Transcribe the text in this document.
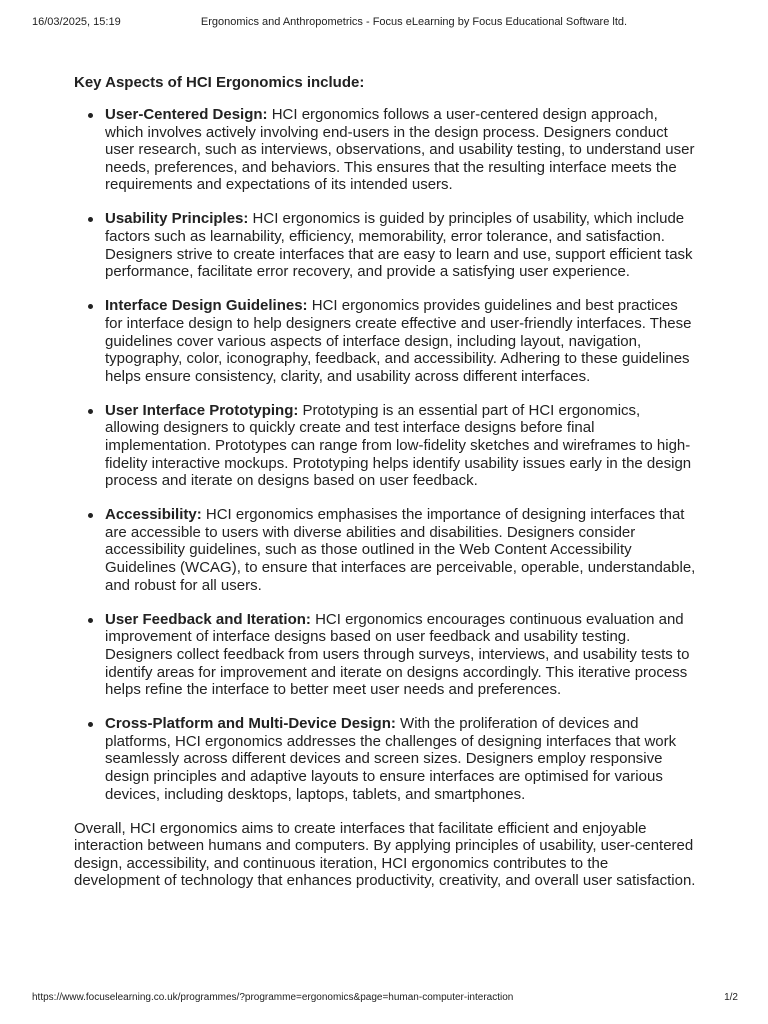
16/03/2025, 15:19	Ergonomics and Anthropometrics - Focus eLearning by Focus Educational Software ltd.
Key Aspects of HCI Ergonomics include:
User-Centered Design: HCI ergonomics follows a user-centered design approach, which involves actively involving end-users in the design process. Designers conduct user research, such as interviews, observations, and usability testing, to understand user needs, preferences, and behaviors. This ensures that the resulting interface meets the requirements and expectations of its intended users.
Usability Principles: HCI ergonomics is guided by principles of usability, which include factors such as learnability, efficiency, memorability, error tolerance, and satisfaction. Designers strive to create interfaces that are easy to learn and use, support efficient task performance, facilitate error recovery, and provide a satisfying user experience.
Interface Design Guidelines: HCI ergonomics provides guidelines and best practices for interface design to help designers create effective and user-friendly interfaces. These guidelines cover various aspects of interface design, including layout, navigation, typography, color, iconography, feedback, and accessibility. Adhering to these guidelines helps ensure consistency, clarity, and usability across different interfaces.
User Interface Prototyping: Prototyping is an essential part of HCI ergonomics, allowing designers to quickly create and test interface designs before final implementation. Prototypes can range from low-fidelity sketches and wireframes to high-fidelity interactive mockups. Prototyping helps identify usability issues early in the design process and iterate on designs based on user feedback.
Accessibility: HCI ergonomics emphasises the importance of designing interfaces that are accessible to users with diverse abilities and disabilities. Designers consider accessibility guidelines, such as those outlined in the Web Content Accessibility Guidelines (WCAG), to ensure that interfaces are perceivable, operable, understandable, and robust for all users.
User Feedback and Iteration: HCI ergonomics encourages continuous evaluation and improvement of interface designs based on user feedback and usability testing. Designers collect feedback from users through surveys, interviews, and usability tests to identify areas for improvement and iterate on designs accordingly. This iterative process helps refine the interface to better meet user needs and preferences.
Cross-Platform and Multi-Device Design: With the proliferation of devices and platforms, HCI ergonomics addresses the challenges of designing interfaces that work seamlessly across different devices and screen sizes. Designers employ responsive design principles and adaptive layouts to ensure interfaces are optimised for various devices, including desktops, laptops, tablets, and smartphones.

Overall, HCI ergonomics aims to create interfaces that facilitate efficient and enjoyable interaction between humans and computers. By applying principles of usability, user-centered design, accessibility, and continuous iteration, HCI ergonomics contributes to the development of technology that enhances productivity, creativity, and overall user satisfaction.

https://www.focuselearning.co.uk/programmes/?programme=ergonomics&page=human-computer-interaction	1/2
